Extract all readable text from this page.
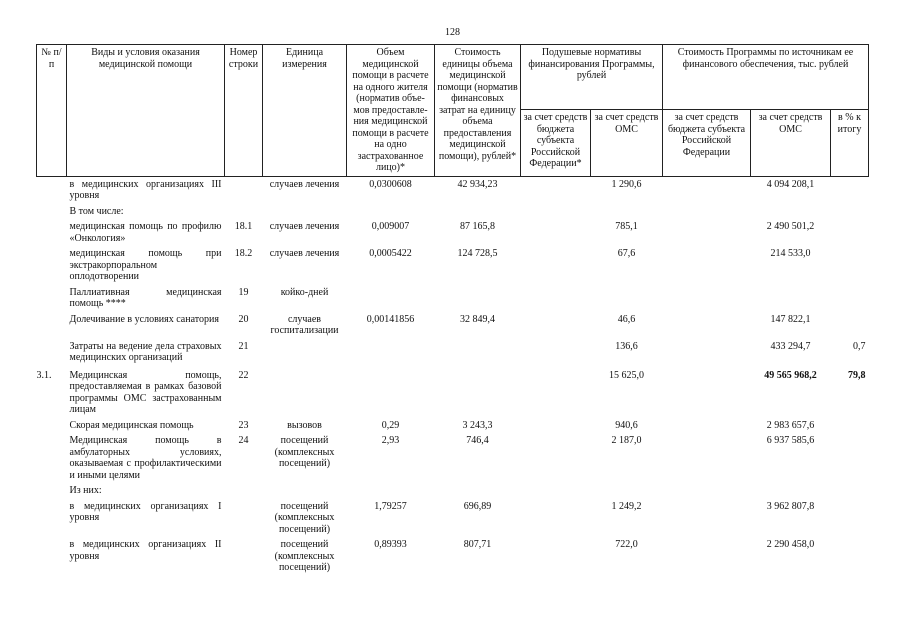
128
№ п/п	Виды и условия оказания медицинской помощи	Номер строки	Единица измерения	Объем медицинской помощи в расчете на одного жителя (норматив объе-мов предоставле-ния медицинской помощи в расчете на одно застрахованное лицо)*	Стоимость единицы объема медицинской помощи (норматив финансовых затрат на единицу объема предоставления медицинской помощи), рублей*	Подушевые нормативы финансирования Программы, рублей		Стоимость Программы по источникам ее финансового обеспечения, тыс. рублей		
						за счет средств бюджета субъекта Российской Федерации*	за счет средств ОМС	за счет средств бюджета субъекта Российской Федерации	за счет средств ОМС	в % к итогу
	в медицинских организациях III уровня		случаев лечения	0,0300608	42 934,23		1 290,6		4 094 208,1	
	В том числе:									
	медицинская помощь по профилю «Онкология»	18.1	случаев лечения	0,009007	87 165,8		785,1		2 490 501,2	
	медицинская помощь при экстракорпоральном оплодотворении	18.2	случаев лечения	0,0005422	124 728,5		67,6		214 533,0	
	Паллиативная медицинская помощь ****	19	койко-дней							
	Долечивание в условиях санатория	20	случаев госпитализации	0,00141856	32 849,4		46,6		147 822,1	
	Затраты на ведение дела страховых медицинских организаций	21					136,6		433 294,7	0,7
3.1.	Медицинская помощь, предоставляемая в рамках базовой программы ОМС застрахованным лицам	22					15 625,0		49 565 968,2	79,8
	Скорая медицинская помощь	23	вызовов	0,29	3 243,3		940,6		2 983 657,6	
	Медицинская помощь в амбулаторных условиях, оказываемая с профилактическими и иными целями	24	посещений (комплексных посещений)	2,93	746,4		2 187,0		6 937 585,6	
	Из них:									
	в медицинских организациях I уровня		посещений (комплексных посещений)	1,79257	696,89		1 249,2		3 962 807,8	
	в медицинских организациях II уровня		посещений (комплексных посещений)	0,89393	807,71		722,0		2 290 458,0	
